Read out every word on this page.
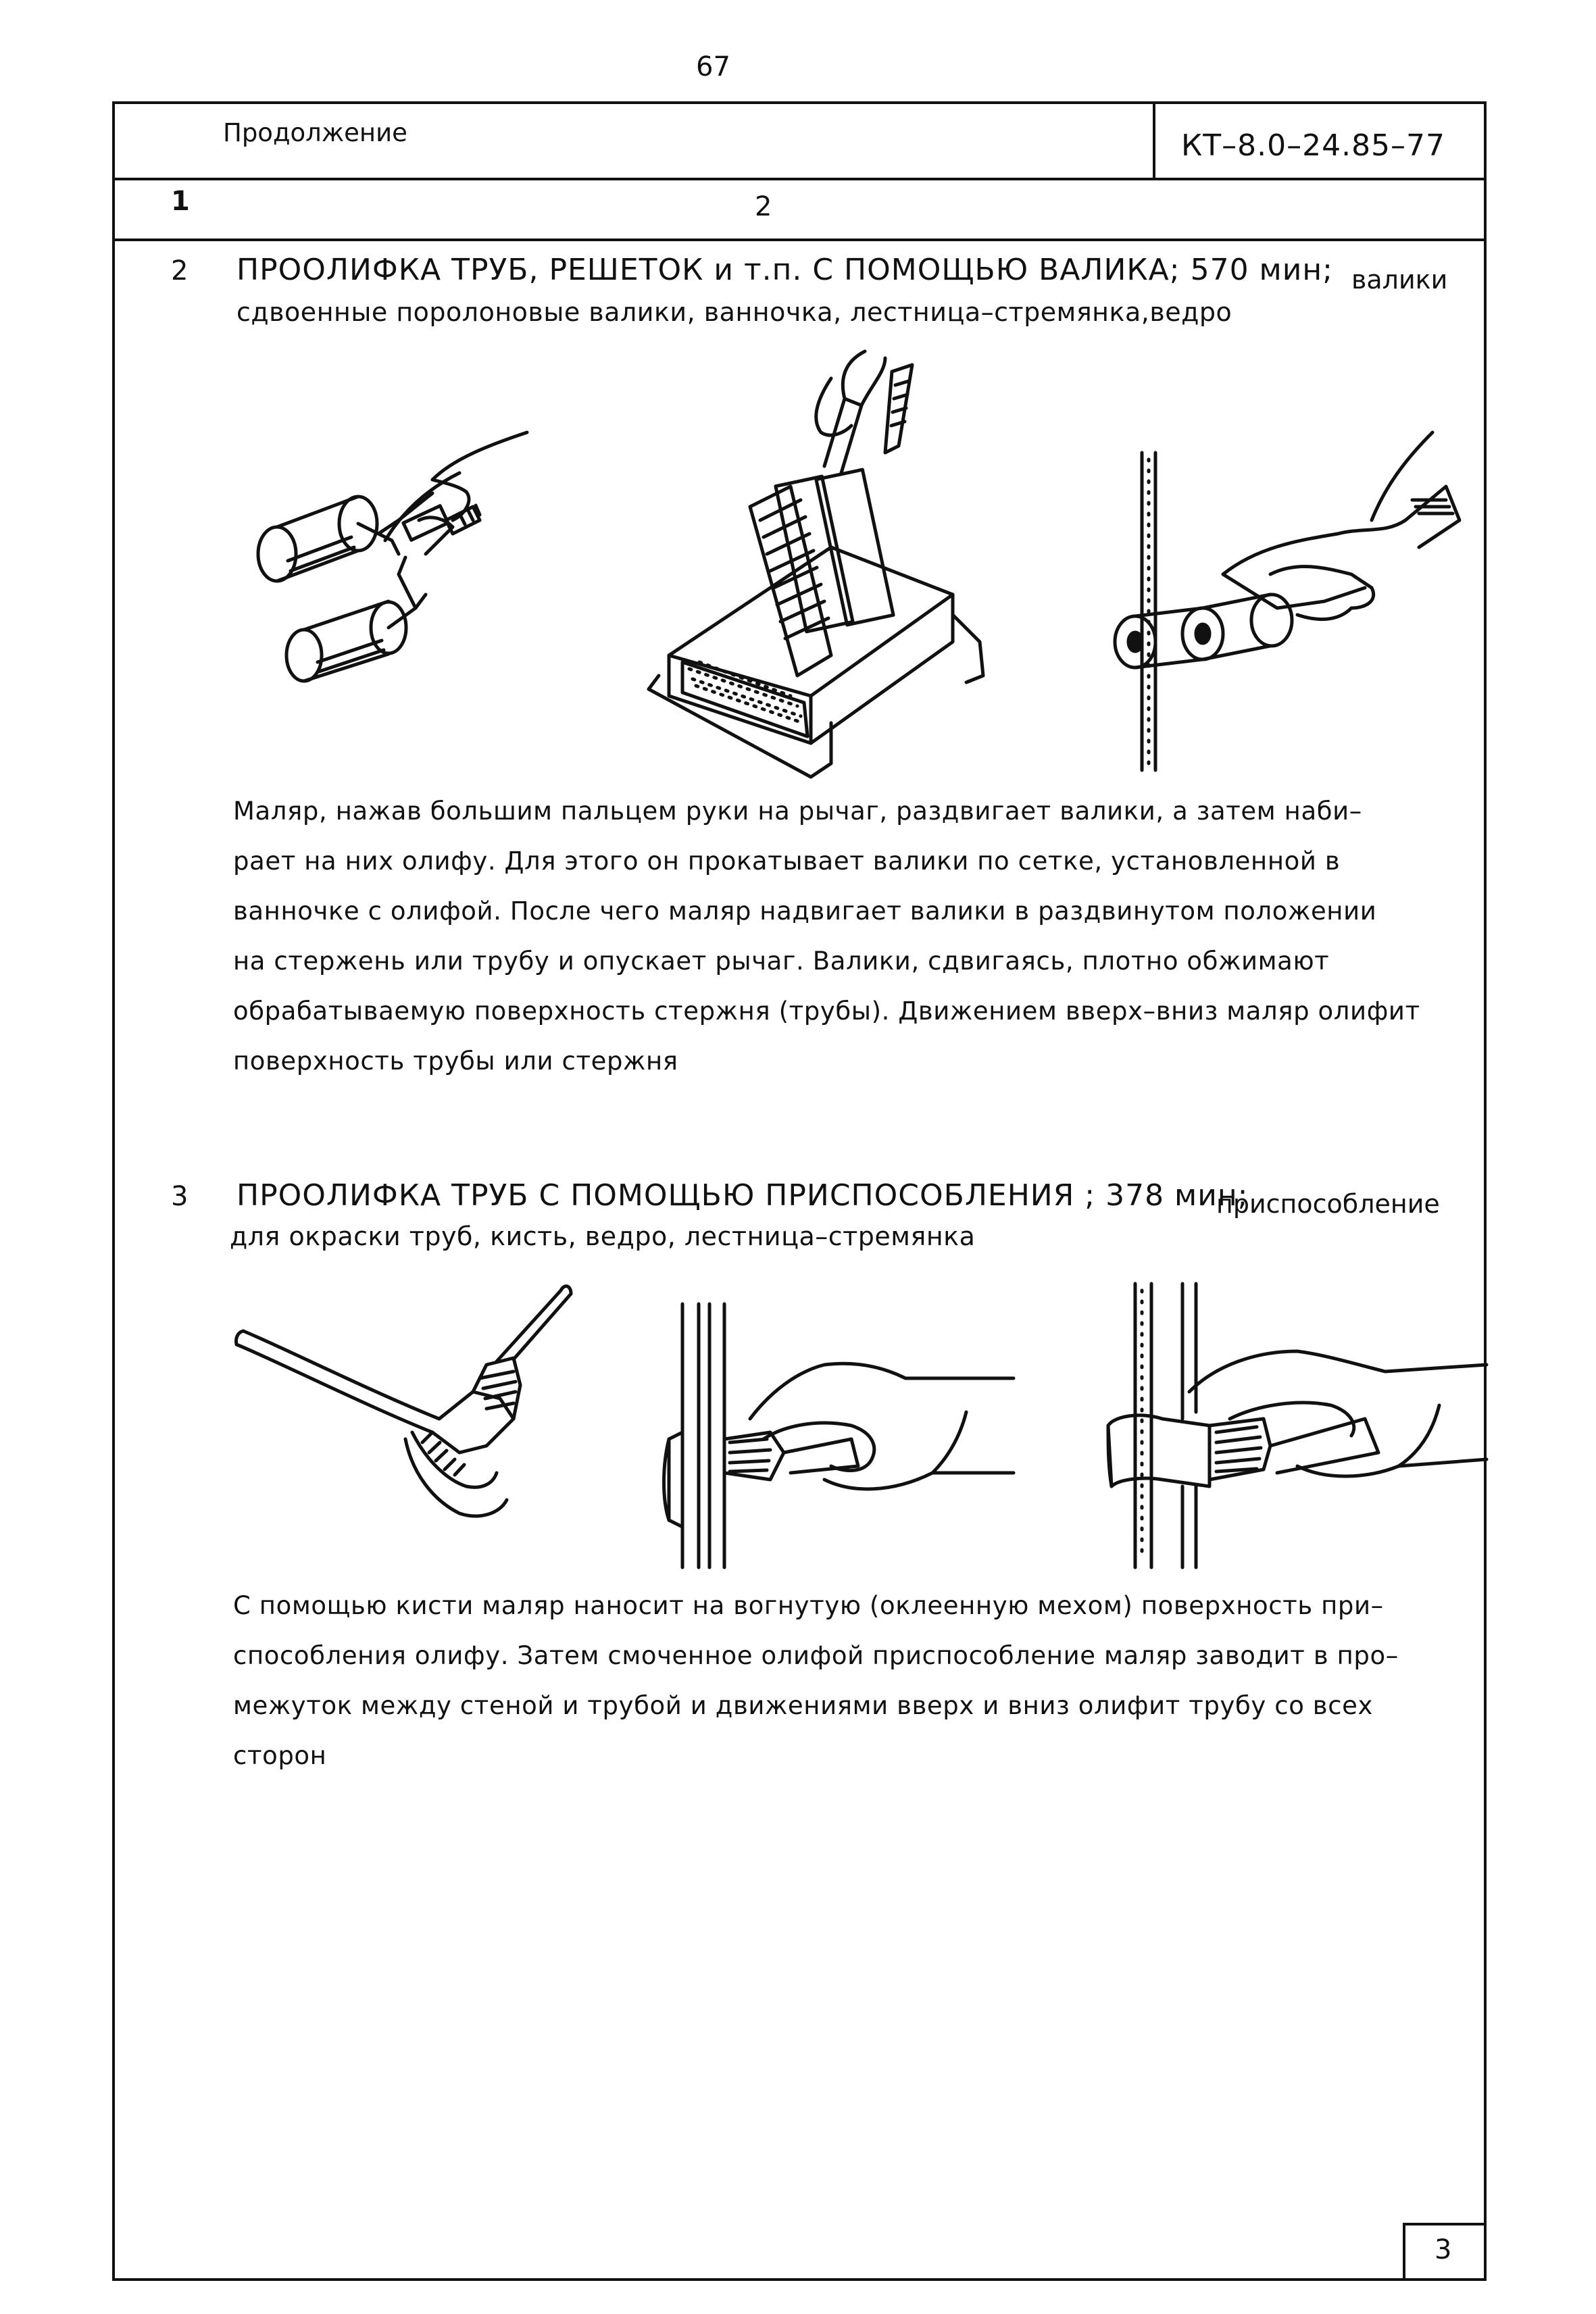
67
Продолжение	КТ–8.0–24.85–77
1	2
2 ПРООЛИФКА ТРУБ, РЕШЕТОК и т.п. С ПОМОЩЬЮ ВАЛИКА; 570 мин; валики
сдвоенные поролоновые валики, ванночка, лестница–стремянка,ведро
Маляр, нажав большим пальцем руки на рычаг, раздвигает валики, а затем наби–
рает на них олифу. Для этого он прокатывает валики по сетке, установленной в
ванночке с олифой. После чего маляр надвигает валики в раздвинутом положении
на стержень или трубу и опускает рычаг. Валики, сдвигаясь, плотно обжимают
обрабатываемую поверхность стержня (трубы). Движением вверх–вниз маляр олифит
поверхность трубы или стержня
3 ПРООЛИФКА ТРУБ С ПОМОЩЬЮ ПРИСПОСОБЛЕНИЯ ; 378 мин;
приспособление
для окраски труб, кисть, ведро, лестница–стремянка
С помощью кисти маляр наносит на вогнутую (оклеенную мехом) поверхность при–
способления олифу. Затем смоченное олифой приспособление маляр заводит в про–
межуток между стеной и трубой и движениями вверх и вниз олифит трубу со всех
сторон
3
